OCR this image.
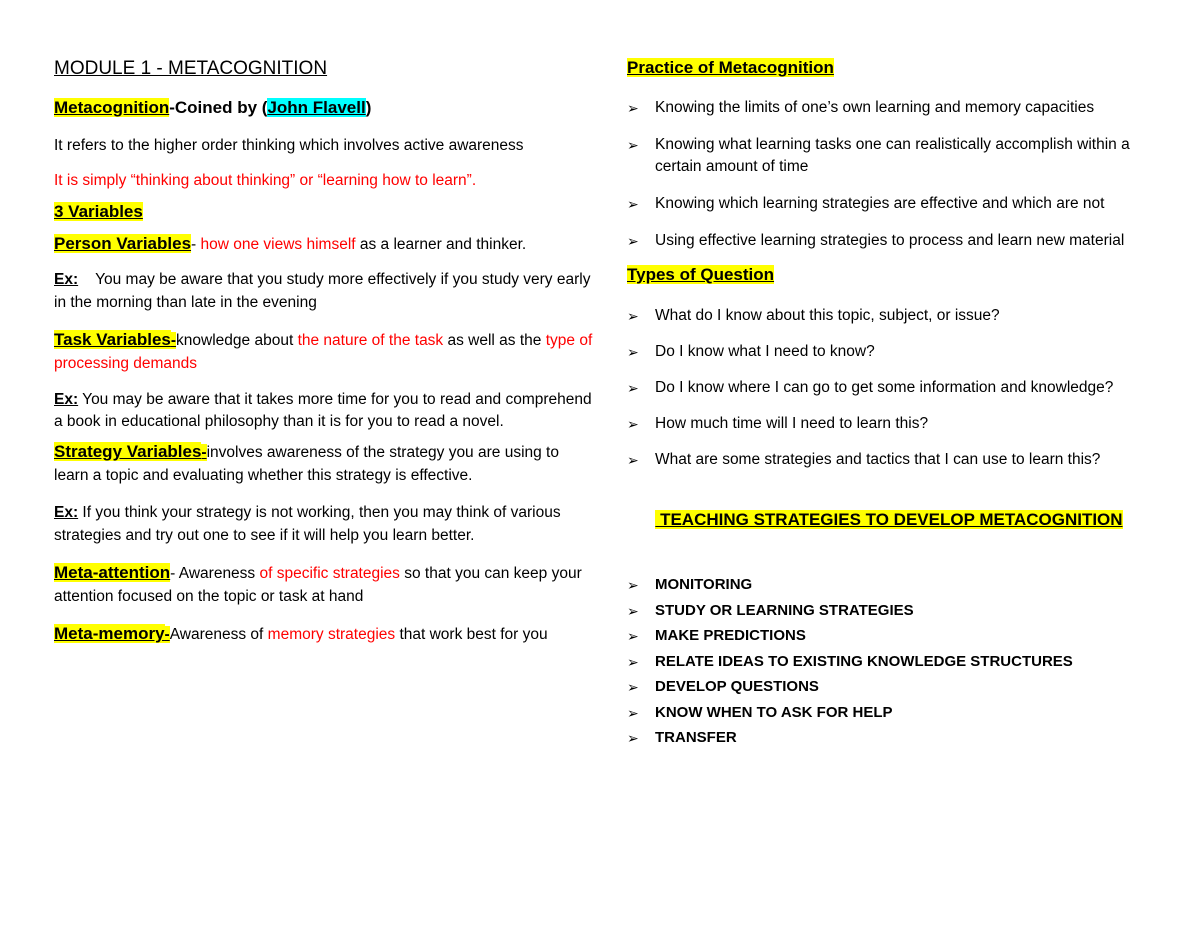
MODULE 1 - METACOGNITION

Metacognition-Coined by (John Flavell)

It refers to the higher order thinking which involves active awareness

It is simply “thinking about thinking” or “learning how to learn”.

3 Variables

Person Variables- how one views himself as a learner and thinker.

Ex:    You may be aware that you study more effectively if you study very early in the morning than late in the evening

Task Variables-knowledge about the nature of the task as well as the type of processing demands

Ex: You may be aware that it takes more time for you to read and comprehend a book in educational philosophy than it is for you to read a novel.

Strategy Variables-involves awareness of the strategy you are using to learn a topic and evaluating whether this strategy is effective.

Ex: If you think your strategy is not working, then you may think of various strategies and try out one to see if it will help you learn better.

Meta-attention- Awareness of specific strategies so that you can keep your attention focused on the topic or task at hand

Meta-memory-Awareness of memory strategies that work best for you

Practice of Metacognition

➢ Knowing the limits of one’s own learning and memory capacities
➢ Knowing what learning tasks one can realistically accomplish within a certain amount of time
➢ Knowing which learning strategies are effective and which are not
➢ Using effective learning strategies to process and learn new material

Types of Question

➢ What do I know about this topic, subject, or issue?
➢ Do I know what I need to know?
➢ Do I know where I can go to get some information and knowledge?
➢ How much time will I need to learn this?
➢ What are some strategies and tactics that I can use to learn this?

TEACHING STRATEGIES TO DEVELOP METACOGNITION

➢ MONITORING
➢ STUDY OR LEARNING STRATEGIES
➢ MAKE PREDICTIONS
➢ RELATE IDEAS TO EXISTING KNOWLEDGE STRUCTURES
➢ DEVELOP QUESTIONS
➢ KNOW WHEN TO ASK FOR HELP
➢ TRANSFER
